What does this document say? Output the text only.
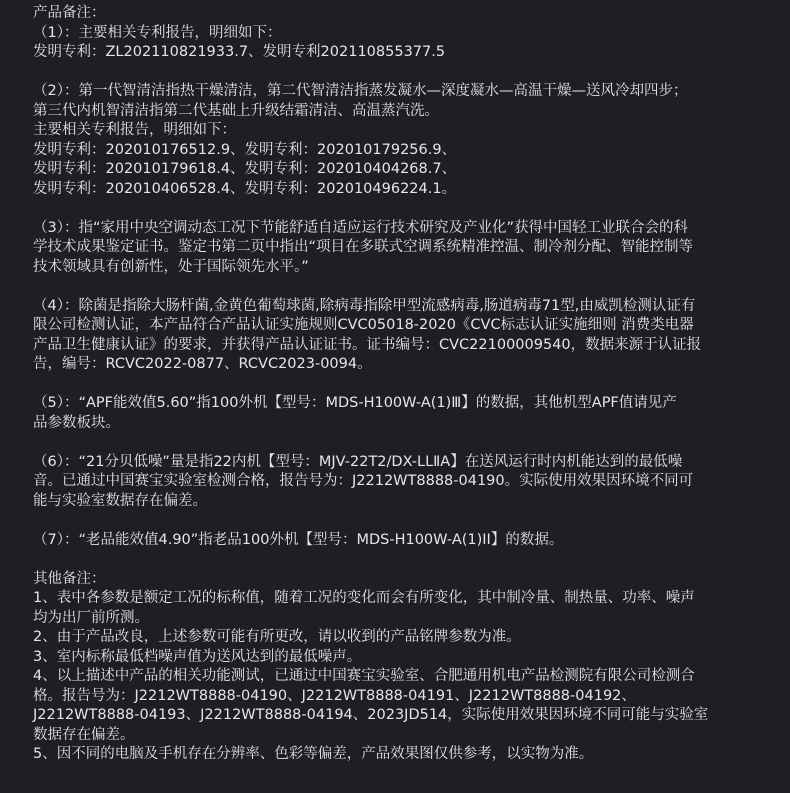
产品备注：
（1）：主要相关专利报告，明细如下：
发明专利：ZL202110821933.7、发明专利202110855377.5
（2）：第一代智清洁指热干燥清洁，第二代智清洁指蒸发凝水—深度凝水—高温干燥—送风冷却四步；
第三代内机智清洁指第二代基础上升级结霜清洁、高温蒸汽洗。
主要相关专利报告，明细如下：
发明专利：202010176512.9、发明专利：202010179256.9、
发明专利：202010179618.4、发明专利：202010404268.7、
发明专利：202010406528.4、发明专利：202010496224.1。
（3）：指“家用中央空调动态工况下节能舒适自适应运行技术研究及产业化”获得中国轻工业联合会的科
学技术成果鉴定证书。鉴定书第二页中指出“项目在多联式空调系统精准控温、制冷剂分配、智能控制等
技术领域具有创新性，处于国际领先水平。”
（4）：除菌是指除大肠杆菌,金黄色葡萄球菌,除病毒指除甲型流感病毒,肠道病毒71型,由威凯检测认证有
限公司检测认证，本产品符合产品认证实施规则CVC05018-2020《CVC标志认证实施细则 消费类电器
产品卫生健康认证》的要求，并获得产品认证证书。证书编号：CVC22100009540，数据来源于认证报
告，编号：RCVC2022-0877、RCVC2023-0094。
（5）：“APF能效值5.60”指100外机【型号：MDS-H100W-A(1)Ⅲ】的数据，其他机型APF值请见产
品参数板块。
（6）：“21分贝低噪”量是指22内机【型号：MJV-22T2/DX-LLⅡA】在送风运行时内机能达到的最低噪
音。已通过中国赛宝实验室检测合格，报告号为：J2212WT8888-04190。实际使用效果因环境不同可
能与实验室数据存在偏差。
（7）：“老品能效值4.90”指老品100外机【型号：MDS-H100W-A(1)II】的数据。
其他备注：
1、表中各参数是额定工况的标称值，随着工况的变化而会有所变化，其中制冷量、制热量、功率、噪声
均为出厂前所测。
2、由于产品改良，上述参数可能有所更改，请以收到的产品铭牌参数为准。
3、室内标称最低档噪声值为送风达到的最低噪声。
4、以上描述中产品的相关功能测试，已通过中国赛宝实验室、合肥通用机电产品检测院有限公司检测合
格。报告号为：J2212WT8888-04190、J2212WT8888-04191、J2212WT8888-04192、
J2212WT8888-04193、J2212WT8888-04194、2023JD514，实际使用效果因环境不同可能与实验室
数据存在偏差。
5、因不同的电脑及手机存在分辨率、色彩等偏差，产品效果图仅供参考，以实物为准。
